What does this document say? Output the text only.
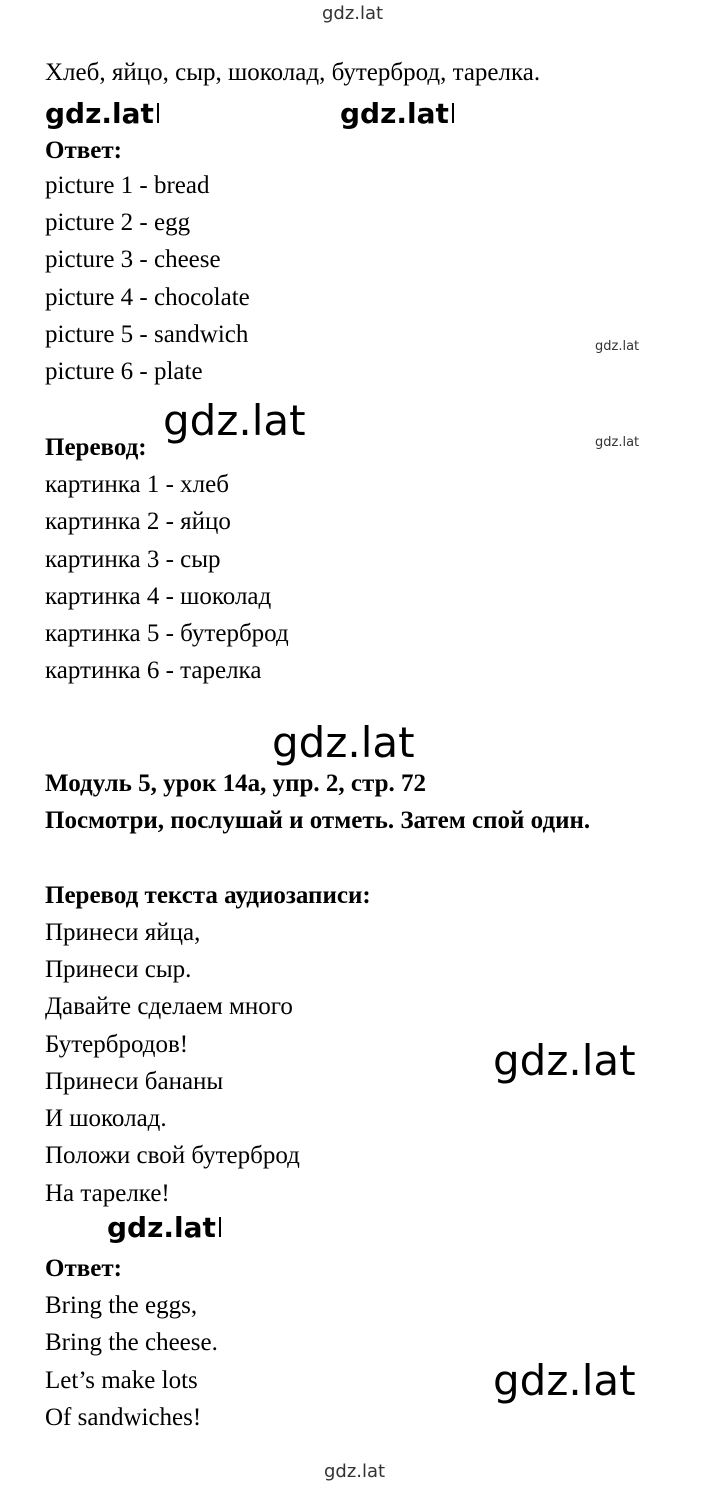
gdz.lat
gdz.lat	gdz.lat
gdz.lat
gdz.lat	gdz.lat
gdz.lat
gdz.lat
gdz.lat
gdz.lat
gdz.lat
Хлеб, яйцо, сыр, шоколад, бутерброд, тарелка.
Ответ:
picture 1 - bread
picture 2 - egg
picture 3 - cheese
picture 4 - chocolate
picture 5 - sandwich
picture 6 - plate
Перевод:
картинка 1 - хлеб
картинка 2 - яйцо
картинка 3 - сыр
картинка 4 - шоколад
картинка 5 - бутерброд
картинка 6 - тарелка
Модуль 5, урок 14a, упр. 2, стр. 72
Посмотри, послушай и отметь. Затем спой один.
Перевод текста аудиозаписи:
Принеси яйца,
Принеси сыр.
Давайте сделаем много
Бутербродов!
Принеси бананы
И шоколад.
Положи свой бутерброд
На тарелке!
Ответ:
Bring the eggs,
Bring the cheese.
Let’s make lots
Of sandwiches!
